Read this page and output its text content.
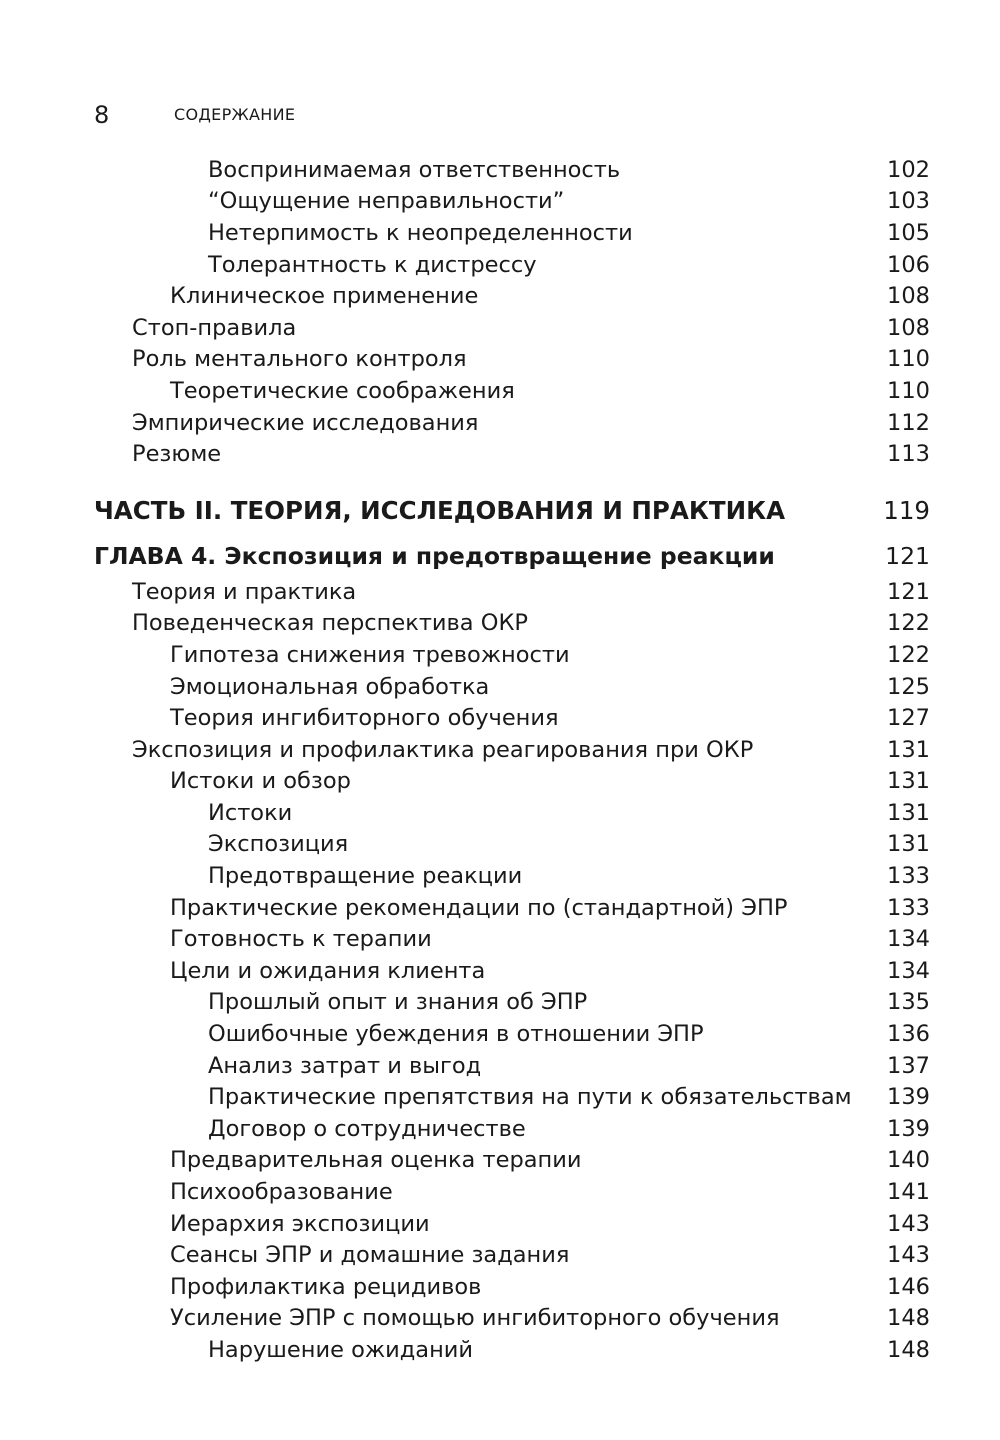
8	СОДЕРЖАНИЕ
Воспринимаемая ответственность	102
“Ощущение неправильности”	103
Нетерпимость к неопределенности	105
Толерантность к дистрессу	106
Клиническое применение	108
Стоп-правила	108
Роль ментального контроля	110
Теоретические соображения	110
Эмпирические исследования	112
Резюме	113
ЧАСТЬ II. ТЕОРИЯ, ИССЛЕДОВАНИЯ И ПРАКТИКА	119
ГЛАВА 4. Экспозиция и предотвращение реакции	121
Теория и практика	121
Поведенческая перспектива ОКР	122
Гипотеза снижения тревожности	122
Эмоциональная обработка	125
Теория ингибиторного обучения	127
Экспозиция и профилактика реагирования при ОКР	131
Истоки и обзор	131
Истоки	131
Экспозиция	131
Предотвращение реакции	133
Практические рекомендации по (стандартной) ЭПР	133
Готовность к терапии	134
Цели и ожидания клиента	134
Прошлый опыт и знания об ЭПР	135
Ошибочные убеждения в отношении ЭПР	136
Анализ затрат и выгод	137
Практические препятствия на пути к обязательствам	139
Договор о сотрудничестве	139
Предварительная оценка терапии	140
Психообразование	141
Иерархия экспозиции	143
Сеансы ЭПР и домашние задания	143
Профилактика рецидивов	146
Усиление ЭПР с помощью ингибиторного обучения	148
Нарушение ожиданий	148
